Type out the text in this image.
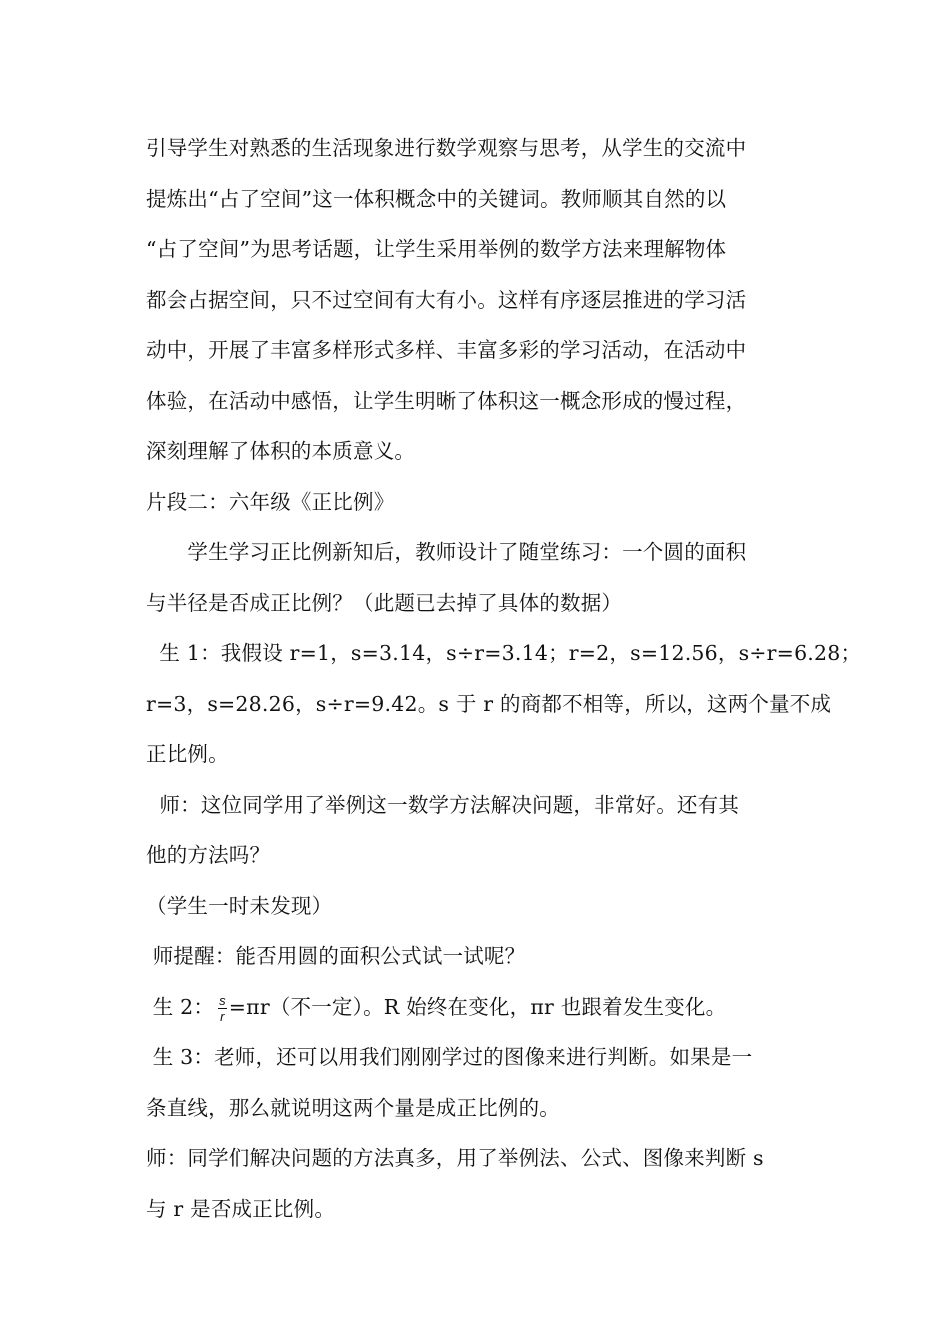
引导学生对熟悉的生活现象进行数学观察与思考，从学生的交流中
提炼出“占了空间”这一体积概念中的关键词。教师顺其自然的以
“占了空间”为思考话题，让学生采用举例的数学方法来理解物体
都会占据空间，只不过空间有大有小。这样有序逐层推进的学习活
动中，开展了丰富多样形式多样、丰富多彩的学习活动，在活动中
体验，在活动中感悟，让学生明晰了体积这一概念形成的慢过程，
深刻理解了体积的本质意义。
片段二：六年级《正比例》
　　学生学习正比例新知后，教师设计了随堂练习：一个圆的面积
与半径是否成正比例？（此题已去掉了具体的数据）
生 1：我假设 r=1，s=3.14，s÷r=3.14；r=2，s=12.56，s÷r=6.28；
r=3，s=28.26，s÷r=9.42。s 于 r 的商都不相等，所以，这两个量不成
正比例。
师：这位同学用了举例这一数学方法解决问题，非常好。还有其
他的方法吗？
（学生一时未发现）
师提醒：能否用圆的面积公式试一试呢？
生 2： $\frac{s}{r} =\pi r$（不一定）。R 始终在变化，πr 也跟着发生变化。
生 3：老师，还可以用我们刚刚学过的图像来进行判断。如果是一
条直线，那么就说明这两个量是成正比例的。
师：同学们解决问题的方法真多，用了举例法、公式、图像来判断 s
与 r 是否成正比例。
